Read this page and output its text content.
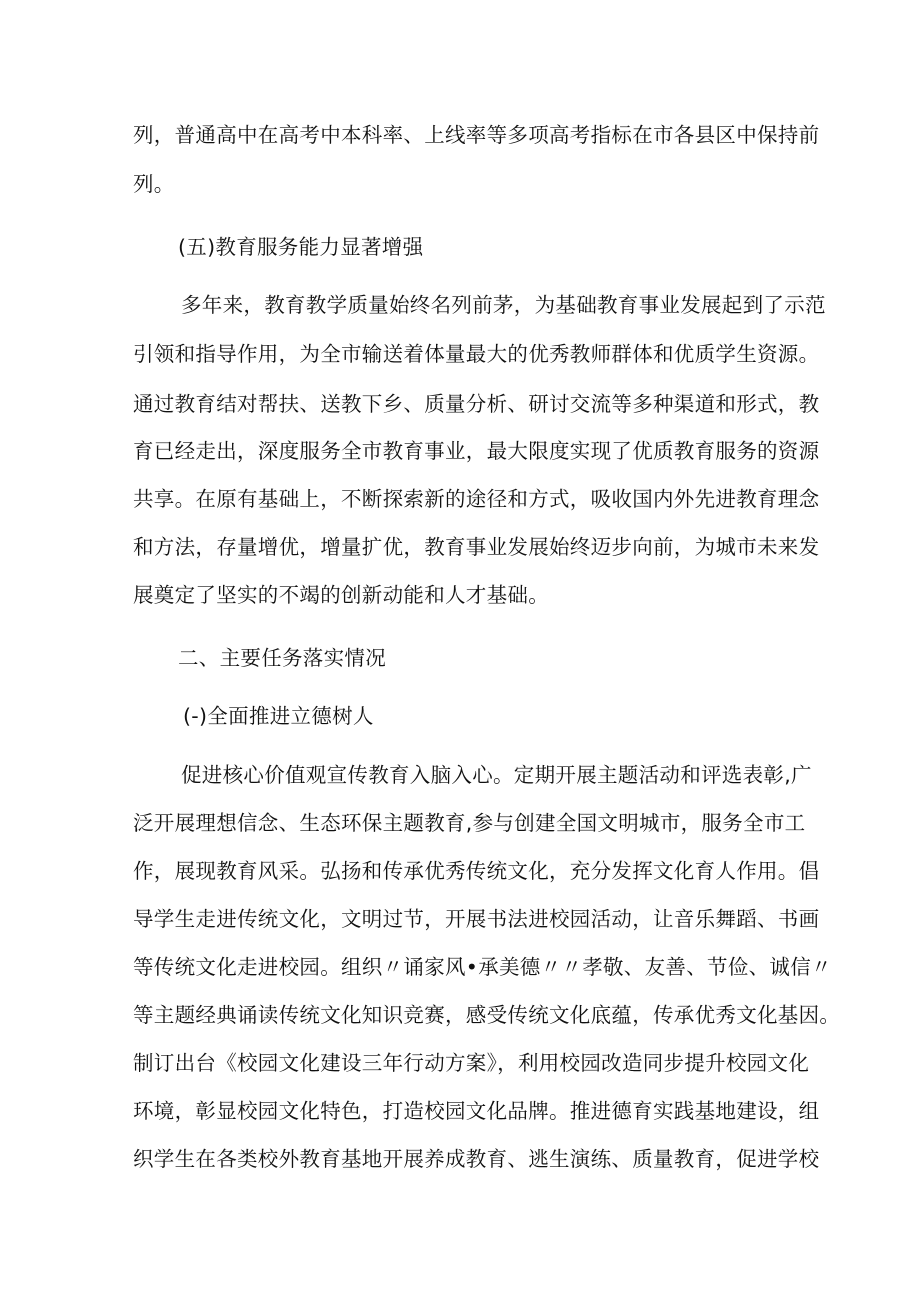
列，普通高中在高考中本科率、上线率等多项高考指标在市各县区中保持前
列。
(五)教育服务能力显著增强
多年来，教育教学质量始终名列前茅，为基础教育事业发展起到了示范
引领和指导作用，为全市输送着体量最大的优秀教师群体和优质学生资源。
通过教育结对帮扶、送教下乡、质量分析、研讨交流等多种渠道和形式，教
育已经走出，深度服务全市教育事业，最大限度实现了优质教育服务的资源
共享。在原有基础上，不断探索新的途径和方式，吸收国内外先进教育理念
和方法，存量增优，增量扩优，教育事业发展始终迈步向前，为城市未来发
展奠定了坚实的不竭的创新动能和人才基础。
二、主要任务落实情况
(-)全面推进立德树人
促进核心价值观宣传教育入脑入心。定期开展主题活动和评选表彰,广
泛开展理想信念、生态环保主题教育,参与创建全国文明城市，服务全市工
作，展现教育风采。弘扬和传承优秀传统文化，充分发挥文化育人作用。倡
导学生走进传统文化，文明过节，开展书法进校园活动，让音乐舞蹈、书画
等传统文化走进校园。组织〃诵家风•承美德〃〃孝敬、友善、节俭、诚信〃
等主题经典诵读传统文化知识竞赛，感受传统文化底蕴，传承优秀文化基因。
制订出台《校园文化建设三年行动方案》，利用校园改造同步提升校园文化
环境，彰显校园文化特色，打造校园文化品牌。推进德育实践基地建设，组
织学生在各类校外教育基地开展养成教育、逃生演练、质量教育，促进学校
